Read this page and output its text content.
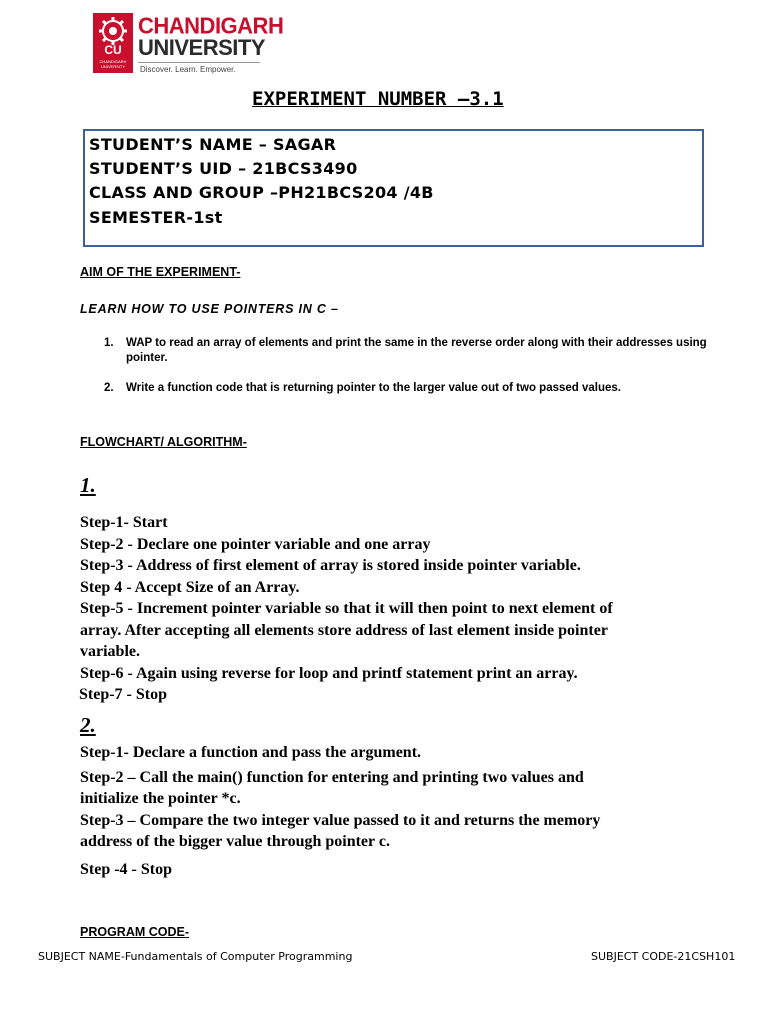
CU
CHANDIGARH UNIVERSITY
CHANDIGARH
UNIVERSITY
Discover. Learn. Empower.
EXPERIMENT NUMBER –3.1
STUDENT’S NAME – SAGAR
STUDENT’S UID – 21BCS3490
CLASS AND GROUP –PH21BCS204 /4B
SEMESTER-1st
AIM OF THE EXPERIMENT-
LEARN HOW TO USE POINTERS IN C –
1. WAP to read an array of elements and print the same in the reverse order along with their addresses using pointer.
2. Write a function code that is returning pointer to the larger value out of two passed values.
FLOWCHART/ ALGORITHM-
1.
Step-1- Start
Step-2 - Declare one pointer variable and one array
Step-3 - Address of first element of array is stored inside pointer variable.
Step 4 - Accept Size of an Array.
Step-5 - Increment pointer variable so that it will then point to next element of
array. After accepting all elements store address of last element inside pointer
variable.
Step-6 - Again using reverse for loop and printf statement print an array.
Step-7 - Stop
2.
Step-1- Declare a function and pass the argument.
Step-2 – Call the main() function for entering and printing two values and
initialize the pointer *c.
Step-3 – Compare the two integer value passed to it and returns the memory
address of the bigger value through pointer c.
Step -4 - Stop
PROGRAM CODE-
SUBJECT NAME-Fundamentals of Computer Programming	SUBJECT CODE-21CSH101
